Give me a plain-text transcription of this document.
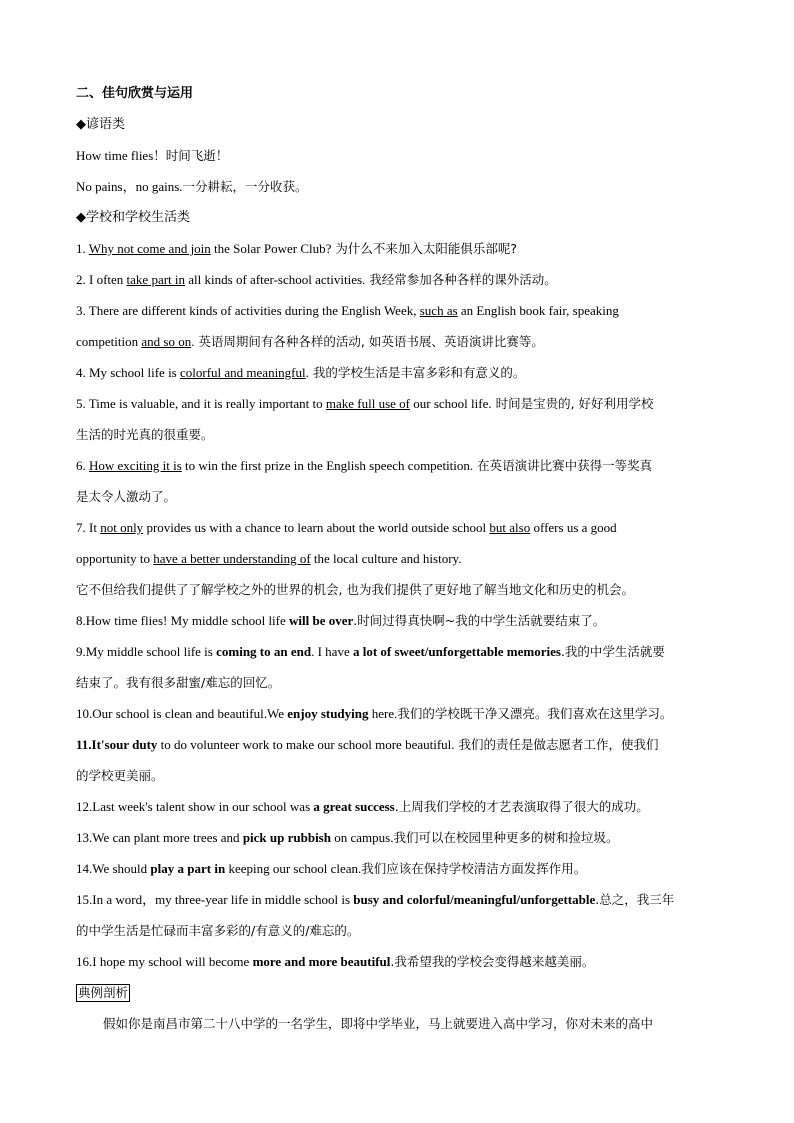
二、佳句欣赏与运用
◆谚语类
How time flies！时间飞逝！
No pains，no gains.一分耕耘，一分收获。
◆学校和学校生活类
1. Why not come and join the Solar Power Club? 为什么不来加入太阳能俱乐部呢?
2. I often take part in all kinds of after-school activities. 我经常参加各种各样的课外活动。
3. There are different kinds of activities during the English Week, such as an English book fair, speaking
competition and so on. 英语周期间有各种各样的活动, 如英语书展、英语演讲比赛等。
4. My school life is colorful and meaningful. 我的学校生活是丰富多彩和有意义的。
5. Time is valuable, and it is really important to make full use of our school life. 时间是宝贵的, 好好利用学校
生活的时光真的很重要。
6. How exciting it is to win the first prize in the English speech competition. 在英语演讲比赛中获得一等奖真
是太令人激动了。
7. It not only provides us with a chance to learn about the world outside school but also offers us a good
opportunity to have a better understanding of the local culture and history.
它不但给我们提供了了解学校之外的世界的机会, 也为我们提供了更好地了解当地文化和历史的机会。
8.How time flies! My middle school life will be over.时间过得真快啊~我的中学生活就要结束了。
9.My middle school life is coming to an end. I have a lot of sweet/unforgettable memories.我的中学生活就要
结束了。我有很多甜蜜/难忘的回忆。
10.Our school is clean and beautiful.We enjoy studying here.我们的学校既干净又漂亮。我们喜欢在这里学习。
11.It'sour duty to do volunteer work to make our school more beautiful. 我们的责任是做志愿者工作，使我们
的学校更美丽。
12.Last week's talent show in our school was a great success.上周我们学校的才艺表演取得了很大的成功。
13.We can plant more trees and pick up rubbish on campus.我们可以在校园里种更多的树和捡垃圾。
14.We should play a part in keeping our school clean.我们应该在保持学校清洁方面发挥作用。
15.In a word，my three-year life in middle school is busy and colorful/meaningful/unforgettable.总之，我三年
的中学生活是忙碌而丰富多彩的/有意义的/难忘的。
16.I hope my school will become more and more beautiful.我希望我的学校会变得越来越美丽。
典例剖析
假如你是南昌市第二十八中学的一名学生，即将中学毕业，马上就要进入高中学习，你对未来的高中
